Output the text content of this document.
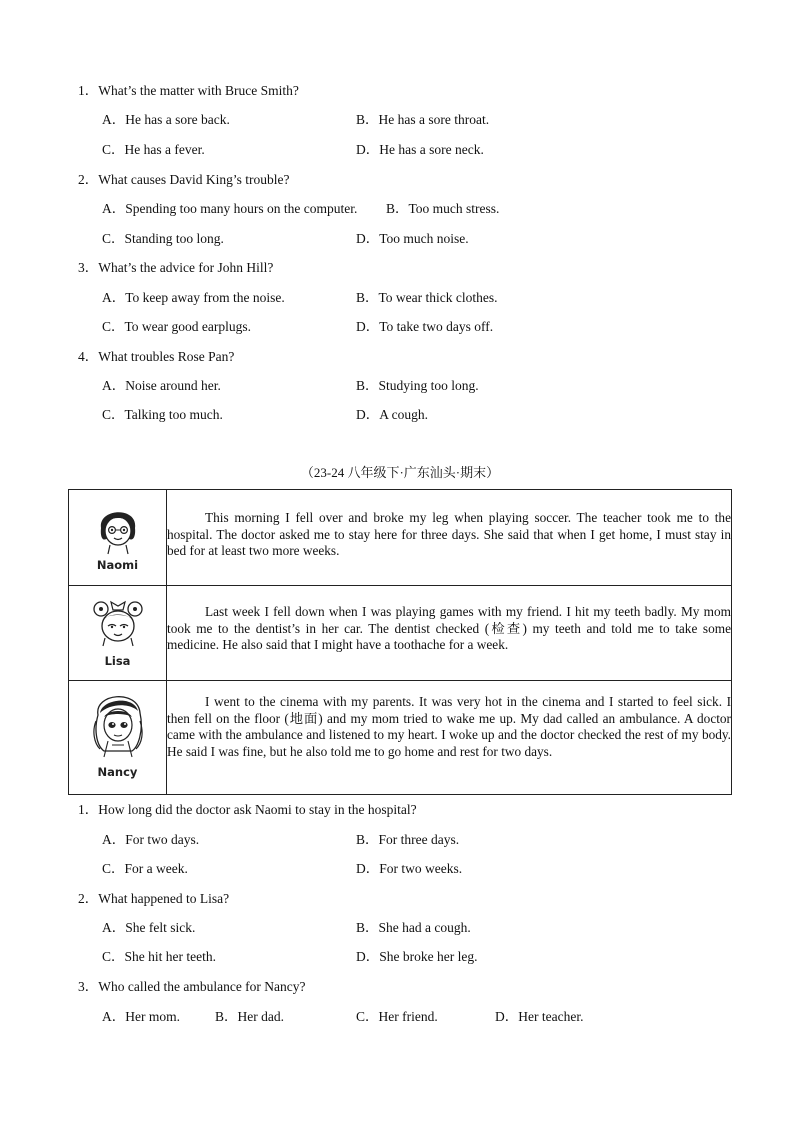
1．What’s the matter with Bruce Smith?
A．He has a sore back.	B．He has a sore throat.
C．He has a fever.	D．He has a sore neck.
2．What causes David King’s trouble?
A．Spending too many hours on the computer. B．Too much stress.
C．Standing too long.	D．Too much noise.
3．What’s the advice for John Hill?
A．To keep away from the noise.	B．To wear thick clothes.
C．To wear good earplugs.	D．To take two days off.
4．What troubles Rose Pan?
A．Noise around her.	B．Studying too long.
C．Talking too much.	D．A cough.
（23-24 八年级下·广东汕头·期末）
Naomi	This morning I fell over and broke my leg when playing soccer. The teacher took me to the hospital. The doctor asked me to stay here for three days. She said that when I get home, I must stay in bed for at least two more weeks.

Lisa	Last week I fell down when I was playing games with my friend. I hit my teeth badly. My mom took me to the dentist’s in her car. The dentist checked (检查) my teeth and told me to take some medicine. He also said that I might have a toothache for a week.

Nancy	I went to the cinema with my parents. It was very hot in the cinema and I started to feel sick. I then fell on the floor (地面) and my mom tried to wake me up. My dad called an ambulance. A doctor came with the ambulance and listened to my heart. I woke up and the doctor checked the rest of my body. He said I was fine, but he also told me to go home and rest for two days.

1．How long did the doctor ask Naomi to stay in the hospital?
A．For two days.	B．For three days.
C．For a week.	D．For two weeks.
2．What happened to Lisa?
A．She felt sick.	B．She had a cough.
C．She hit her teeth.	D．She broke her leg.
3．Who called the ambulance for Nancy?
A．Her mom.	B．Her dad.	C．Her friend.	D．Her teacher.
